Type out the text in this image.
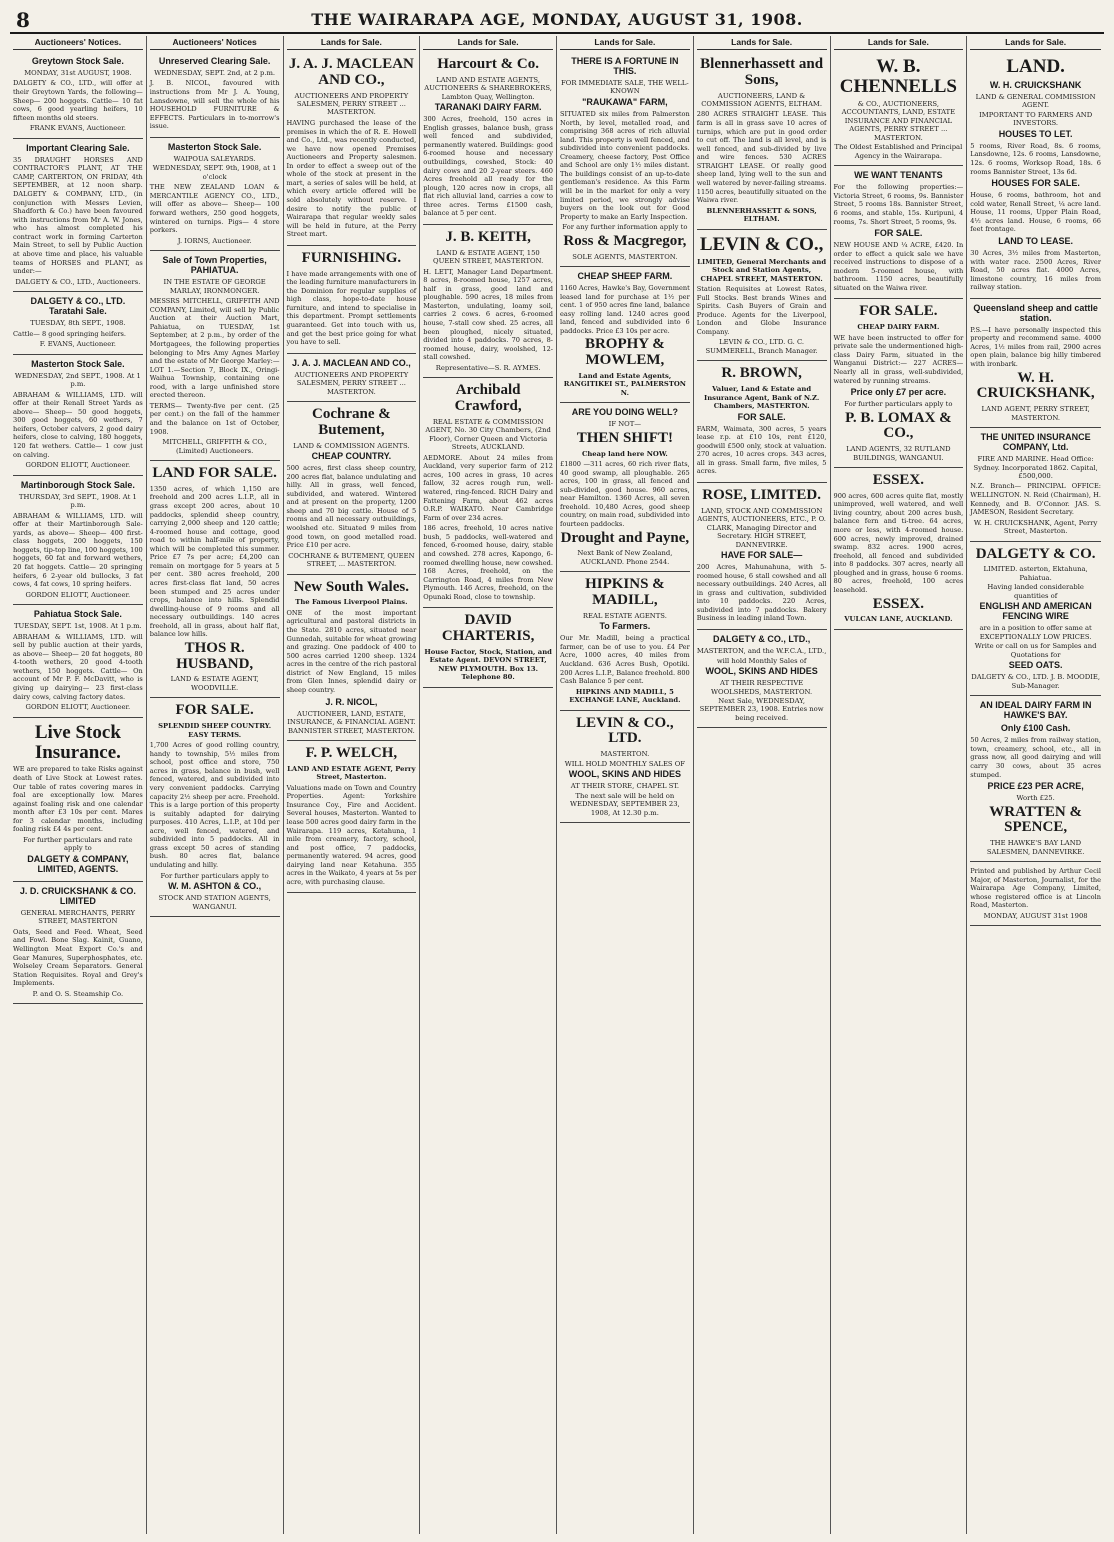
8	THE WAIRARAPA AGE, MONDAY, AUGUST 31, 1908.
Auctioneers' Notices.
Greytown Stock Sale.
MONDAY, 31st AUGUST, 1908.
DALGETY & CO., LTD., will offer at their Greytown Yards, the following— Sheep— 200 hoggets. Cattle— 10 fat cows, 6 good yearling heifers, 10 fifteen months old steers.
FRANK EVANS, Auctioneer.
Important Clearing Sale.
35 DRAUGHT HORSES AND CONTRACTOR'S PLANT, AT THE CAMP, CARTERTON, ON FRIDAY, 4th SEPTEMBER, at 12 noon sharp. DALGETY & COMPANY, LTD., (in conjunction with Messrs Levien, Shadforth & Co.) have been favoured with instructions from Mr A. W. Jones, who has almost completed his contract work in forming Carterton Main Street, to sell by Public Auction at above time and place, his valuable teams of HORSES and PLANT, as under:—
DALGETY & CO., LTD., Auctioneers.
DALGETY & CO., LTD. Taratahi Sale.
TUESDAY, 8th SEPT., 1908.
Cattle— 8 good springing heifers.
F. EVANS, Auctioneer.
Masterton Stock Sale.
WEDNESDAY, 2nd SEPT., 1908. At 1 p.m.
ABRAHAM & WILLIAMS, LTD. will offer at their Renall Street Yards as above— Sheep— 50 good hoggets, 300 good hoggets, 60 wethers, 7 heifers, October calvers, 2 good dairy heifers, close to calving, 180 hoggets, 120 fat wethers. Cattle— 1 cow just on calving.
GORDON ELIOTT, Auctioneer.
Martinborough Stock Sale.
THURSDAY, 3rd SEPT., 1908. At 1 p.m.
ABRAHAM & WILLIAMS, LTD. will offer at their Martinborough Sale-yards, as above— Sheep— 400 first-class hoggets, 200 hoggets, 150 hoggets, tip-top line, 100 hoggets, 100 hoggets, 60 fat and forward wethers, 20 fat hoggets. Cattle— 20 springing heifers, 6 2-year old bullocks, 3 fat cows, 4 fat cows, 10 spring heifers.
GORDON ELIOTT, Auctioneer.
Pahiatua Stock Sale.
TUESDAY, SEPT. 1st, 1908. At 1 p.m.
ABRAHAM & WILLIAMS, LTD. will sell by public auction at their yards, as above— Sheep— 20 fat hoggets, 80 4-tooth wethers, 20 good 4-tooth wethers, 150 hoggets. Cattle— On account of Mr P. F. McDavitt, who is giving up dairying— 23 first-class dairy cows, calving factory dates.
GORDON ELIOTT, Auctioneer.
Live Stock Insurance.
WE are prepared to take Risks against death of Live Stock at Lowest rates. Our table of rates covering mares in foal are exceptionally low. Mares against foaling risk and one calendar month after £3 10s per cent. Mares for 3 calendar months, including foaling risk £4 4s per cent.
For further particulars and rate apply to
DALGETY & COMPANY, LIMITED, AGENTS.
J. D. CRUICKSHANK & CO. LIMITED
GENERAL MERCHANTS, PERRY STREET, MASTERTON
Oats, Seed and Feed. Wheat, Seed and Fowl. Bone Slag. Kainit, Guano, Wellington Meat Export Co.'s and Gear Manures, Superphosphates, etc. Wolseley Cream Separators. General Station Requisites. Royal and Grey's Implements.
P. and O. S. Steamship Co.
Auctioneers' Notices
Unreserved Clearing Sale.
WEDNESDAY, SEPT. 2nd, at 2 p.m.
J. B. NICOL, favoured with instructions from Mr J. A. Young, Lansdowne, will sell the whole of his HOUSEHOLD FURNITURE & EFFECTS. Particulars in to-morrow's issue.
Masterton Stock Sale.
WAIPOUA SALEYARDS.
WEDNESDAY, SEPT. 9th, 1908, at 1 o'clock
THE NEW ZEALAND LOAN & MERCANTILE AGENCY CO., LTD., will offer as above— Sheep— 100 forward wethers, 250 good hoggets, wintered on turnips. Pigs— 4 store porkers.
J. IORNS, Auctioneer.
Sale of Town Properties, PAHIATUA.
IN THE ESTATE OF GEORGE MARLAY, IRONMONGER.
MESSRS MITCHELL, GRIFFITH AND COMPANY, Limited, will sell by Public Auction at their Auction Mart, Pahiatua, on TUESDAY, 1st September, at 2 p.m., by order of the Mortgagees, the following properties belonging to Mrs Amy Agnes Marley and the estate of Mr George Marley:— LOT 1.—Section 7, Block IX., Oringi-Waihua Township, containing one rood, with a large unfinished store erected thereon.
TERMS— Twenty-five per cent. (25 per cent.) on the fall of the hammer and the balance on 1st of October, 1908.
MITCHELL, GRIFFITH & CO., (Limited) Auctioneers.
LAND FOR SALE.
1350 acres, of which 1,150 are freehold and 200 acres L.I.P., all in grass except 200 acres, about 10 paddocks, splendid sheep country, carrying 2,000 sheep and 120 cattle; 4-roomed house and cottage, good road to within half-mile of property, which will be completed this summer. Price £7 7s per acre; £4,200 can remain on mortgage for 5 years at 5 per cent. 380 acres freehold, 200 acres first-class flat land, 50 acres been stumped and 25 acres under crops, balance into hills. Splendid dwelling-house of 9 rooms and all necessary outbuildings. 140 acres freehold, all in grass, about half flat, balance low hills.
THOS R. HUSBAND,
LAND & ESTATE AGENT, WOODVILLE.
FOR SALE.
SPLENDID SHEEP COUNTRY. EASY TERMS.
1,700 Acres of good rolling country, handy to township, 5½ miles from school, post office and store, 750 acres in grass, balance in bush, well fenced, watered, and subdivided into very convenient paddocks. Carrying capacity 2½ sheep per acre. Freehold. This is a large portion of this property is suitably adapted for dairying purposes. 410 Acres, L.I.P., at 10d per acre, well fenced, watered, and subdivided into 5 paddocks. All in grass except 50 acres of standing bush. 80 acres flat, balance undulating and hilly.
For further particulars apply to
W. M. ASHTON & CO.,
STOCK AND STATION AGENTS, WANGANUI.
Lands for Sale.
J. A. J. MACLEAN AND CO.,
AUCTIONEERS AND PROPERTY SALESMEN, PERRY STREET ... MASTERTON.
HAVING purchased the lease of the premises in which the of R. E. Howell and Co., Ltd., was recently conducted, we have now opened Premises Auctioneers and Property salesmen. In order to effect a sweep out of the whole of the stock at present in the mart, a series of sales will be held, at which every article offered will be sold absolutely without reserve. I desire to notify the public of Wairarapa that regular weekly sales will be held in future, at the Perry Street mart.
FURNISHING.
I have made arrangements with one of the leading furniture manufacturers in the Dominion for regular supplies of high class, hope-to-date house furniture, and intend to specialise in this department. Prompt settlements guaranteed. Get into touch with us, and get the best price going for what you have to sell.
J. A. J. MACLEAN AND CO.,
AUCTIONEERS AND PROPERTY SALESMEN, PERRY STREET ... MASTERTON.
Cochrane & Butement,
LAND & COMMISSION AGENTS.
CHEAP COUNTRY.
500 acres, first class sheep country, 200 acres flat, balance undulating and hilly. All in grass, well fenced, subdivided, and watered. Wintered and at present on the property, 1200 sheep and 70 big cattle. House of 5 rooms and all necessary outbuildings, woolshed etc. Situated 9 miles from good town, on good metalled road. Price £10 per acre.
COCHRANE & BUTEMENT, QUEEN STREET, ... MASTERTON.
New South Wales.
The Famous Liverpool Plains.
ONE of the most important agricultural and pastoral districts in the State. 2810 acres, situated near Gunnedah, suitable for wheat growing and grazing. One paddock of 400 to 500 acres carried 1200 sheep. 1324 acres in the centre of the rich pastoral district of New England, 15 miles from Glen Innes, splendid dairy or sheep country.
J. R. NICOL,
AUCTIONEER, LAND, ESTATE, INSURANCE, & FINANCIAL AGENT. BANNISTER STREET, MASTERTON.
F. P. WELCH,
LAND AND ESTATE AGENT, Perry Street, Masterton.
Valuations made on Town and Country Properties. Agent: Yorkshire Insurance Coy., Fire and Accident. Several houses, Masterton. Wanted to lease 500 acres good dairy farm in the Wairarapa. 119 acres, Ketahuna, 1 mile from creamery, factory, school, and post office, 7 paddocks, permanently watered. 94 acres, good dairying land near Ketahuna. 355 acres in the Waikato, 4 years at 5s per acre, with purchasing clause.
Lands for Sale.
Harcourt & Co.
LAND AND ESTATE AGENTS, AUCTIONEERS & SHAREBROKERS, Lambton Quay, Wellington.
TARANAKI DAIRY FARM.
300 Acres, freehold, 150 acres in English grasses, balance bush, grass well fenced and subdivided, permanently watered. Buildings: good 6-roomed house and necessary outbuildings, cowshed, Stock: 40 dairy cows and 20 2-year steers. 460 Acres freehold all ready for the plough, 120 acres now in crops, all flat rich alluvial land, carries a cow to three acres. Terms £1500 cash, balance at 5 per cent.
J. B. KEITH,
LAND & ESTATE AGENT, 150 QUEEN STREET, MASTERTON.
H. LETT, Manager Land Department. 8 acres, 8-roomed house, 1257 acres, half in grass, good land and ploughable. 590 acres, 18 miles from Masterton, undulating, loamy soil, carries 2 cows. 6 acres, 6-roomed house, 7-stall cow shed. 25 acres, all been ploughed, nicely situated, divided into 4 paddocks. 70 acres, 8-roomed house, dairy, woolshed, 12-stall cowshed.
Representative—S. R. AYMES.
Archibald Crawford,
REAL ESTATE & COMMISSION AGENT, No. 30 City Chambers, (2nd Floor), Corner Queen and Victoria Streets, AUCKLAND.
AEDMORE. About 24 miles from Auckland, very superior farm of 212 acres, 100 acres in grass, 10 acres fallow, 32 acres rough run, well-watered, ring-fenced. RICH Dairy and Fattening Farm, about 462 acres O.R.P. WAIKATO. Near Cambridge Farm of over 234 acres.
186 acres, freehold, 10 acres native bush, 5 paddocks, well-watered and fenced, 6-roomed house, dairy, stable and cowshed. 278 acres, Kapongo, 6-roomed dwelling house, new cowshed. 168 Acres, freehold, on the Carrington Road, 4 miles from New Plymouth. 146 Acres, freehold, on the Opunaki Road, close to township.
DAVID CHARTERIS,
House Factor, Stock, Station, and Estate Agent. DEVON STREET, NEW PLYMOUTH. Box 13. Telephone 80.
Lands for Sale.
THERE IS A FORTUNE IN THIS.
FOR IMMEDIATE SALE, THE WELL-KNOWN
"RAUKAWA" FARM,
SITUATED six miles from Palmerston North, by level, metalled road, and comprising 368 acres of rich alluvial land. This property is well fenced, and subdivided into convenient paddocks. Creamery, cheese factory, Post Office and School are only 1½ miles distant. The buildings consist of an up-to-date gentleman's residence. As this Farm will be in the market for only a very limited period, we strongly advise buyers on the look out for Good Property to make an Early Inspection.
For any further information apply to
Ross & Macgregor,
SOLE AGENTS, MASTERTON.
CHEAP SHEEP FARM.
1160 Acres, Hawke's Bay, Government leased land for purchase at 1½ per cent. 1 of 950 acres fine land, balance easy rolling land. 1240 acres good land, fenced and subdivided into 6 paddocks. Price £3 10s per acre.
BROPHY & MOWLEM,
Land and Estate Agents, RANGITIKEI ST., PALMERSTON N.
ARE YOU DOING WELL?
IF NOT—
THEN SHIFT!
Cheap land here NOW.
£1800 —311 acres, 60 rich river flats, 40 good swamp, all ploughable. 265 acres, 100 in grass, all fenced and sub-divided, good house. 960 acres, near Hamilton. 1360 Acres, all seven freehold. 10,480 Acres, good sheep country, on main road, subdivided into fourteen paddocks.
Drought and Payne,
Next Bank of New Zealand, AUCKLAND. Phone 2544.
HIPKINS & MADILL,
REAL ESTATE AGENTS.
To Farmers.
Our Mr. Madill, being a practical farmer, can be of use to you. £4 Per Acre, 1000 acres, 40 miles from Auckland. 636 Acres Bush, Opotiki. 200 Acres L.I.P., Balance freehold. 800 Cash Balance 5 per cent.
HIPKINS AND MADILL, 5 EXCHANGE LANE, Auckland.
LEVIN & CO., LTD.
MASTERTON.
WILL HOLD MONTHLY SALES OF
WOOL, SKINS AND HIDES
AT THEIR STORE, CHAPEL ST.
The next sale will be held on WEDNESDAY, SEPTEMBER 23, 1908, At 12.30 p.m.
Lands for Sale.
Blennerhassett and Sons,
AUCTIONEERS, LAND & COMMISSION AGENTS, ELTHAM.
280 ACRES STRAIGHT LEASE. This farm is all in grass save 10 acres of turnips, which are put in good order to cut off. The land is all level, and is well fenced, and sub-divided by live and wire fences. 530 ACRES STRAIGHT LEASE. Of really good sheep land, lying well to the sun and well watered by never-failing streams. 1150 acres, beautifully situated on the Waiwa river.
BLENNERHASSETT & SONS, ELTHAM.
LEVIN & CO.,
LIMITED, General Merchants and Stock and Station Agents, CHAPEL STREET, MASTERTON.
Station Requisites at Lowest Rates, Full Stocks. Best brands Wines and Spirits. Cash Buyers of Grain and Produce. Agents for the Liverpool, London and Globe Insurance Company.
LEVIN & CO., LTD. G. C. SUMMERELL, Branch Manager.
R. BROWN,
Valuer, Land & Estate and Insurance Agent, Bank of N.Z. Chambers, MASTERTON.
FOR SALE.
FARM, Waimata, 300 acres, 5 years lease r.p. at £10 10s, rent £120, goodwill £500 only, stock at valuation. 270 acres, 10 acres crops. 343 acres, all in grass. Small farm, five miles, 5 acres.
ROSE, LIMITED.
LAND, STOCK AND COMMISSION AGENTS, AUCTIONEERS, ETC., P. O. CLARK, Managing Director and Secretary. HIGH STREET, DANNEVIRKE.
HAVE FOR SALE—
200 Acres, Mahunahuna, with 5-roomed house, 6 stall cowshed and all necessary outbuildings. 240 Acres, all in grass and cultivation, subdivided into 10 paddocks. 220 Acres, subdivided into 7 paddocks. Bakery Business in leading inland Town.
DALGETY & CO., LTD.,
MASTERTON, and the W.F.C.A., LTD.,
will hold Monthly Sales of
WOOL, SKINS AND HIDES
AT THEIR RESPECTIVE WOOLSHEDS, MASTERTON.
Next Sale, WEDNESDAY, SEPTEMBER 23, 1908. Entries now being received.
Lands for Sale.
W. B. CHENNELLS
& CO., AUCTIONEERS, ACCOUNTANTS, LAND, ESTATE INSURANCE AND FINANCIAL AGENTS, PERRY STREET ... MASTERTON.
The Oldest Established and Principal Agency in the Wairarapa.
WE WANT TENANTS
For the following properties:— Victoria Street, 6 rooms, 9s. Bannister Street, 5 rooms 18s. Bannister Street, 6 rooms, and stable, 15s. Kuripuni, 4 rooms, 7s. Short Street, 5 rooms, 9s.
FOR SALE.
NEW HOUSE AND ¼ ACRE, £420. In order to effect a quick sale we have received instructions to dispose of a modern 5-roomed house, with bathroom. 1150 acres, beautifully situated on the Waiwa river.
FOR SALE.
CHEAP DAIRY FARM.
WE have been instructed to offer for private sale the undermentioned high-class Dairy Farm, situated in the Wanganui District:— 227 ACRES—Nearly all in grass, well-subdivided, watered by running streams.
Price only £7 per acre.
For further particulars apply to
P. B. LOMAX & CO.,
LAND AGENTS, 32 RUTLAND BUILDINGS, WANGANUI.
ESSEX.
900 acres, 600 acres quite flat, mostly unimproved, well watered, and well living country, about 200 acres bush, balance fern and ti-tree. 64 acres, more or less, with 4-roomed house. 600 acres, newly improved, drained swamp. 832 acres. 1900 acres, freehold, all fenced and subdivided into 8 paddocks. 307 acres, nearly all ploughed and in grass, house 6 rooms. 80 acres, freehold, 100 acres leasehold.
ESSEX.
VULCAN LANE, AUCKLAND.
Lands for Sale.
LAND.
W. H. CRUICKSHANK
LAND & GENERAL COMMISSION AGENT.
IMPORTANT TO FARMERS AND INVESTORS.
HOUSES TO LET.
5 rooms, River Road, 8s. 6 rooms, Lansdowne, 12s. 6 rooms, Lansdowne, 12s. 6 rooms, Worksop Road, 18s. 6 rooms Bannister Street, 13s 6d.
HOUSES FOR SALE.
House, 6 rooms, bathroom, hot and cold water, Renall Street, ¼ acre land. House, 11 rooms, Upper Plain Road, 4½ acres land. House, 6 rooms, 66 feet frontage.
LAND TO LEASE.
30 Acres, 3½ miles from Masterton, with water race. 2500 Acres, River Road, 50 acres flat. 4000 Acres, limestone country, 16 miles from railway station.
Queensland sheep and cattle station.
P.S.—I have personally inspected this property and recommend same. 4000 Acres, 1½ miles from rail, 2900 acres open plain, balance big hilly timbered with ironbark.
W. H. CRUICKSHANK,
LAND AGENT, PERRY STREET, MASTERTON.
THE UNITED INSURANCE COMPANY, Ltd.
FIRE AND MARINE. Head Office: Sydney. Incorporated 1862. Capital, £500,000.
N.Z. Branch— PRINCIPAL OFFICE: WELLINGTON. N. Reid (Chairman), H. Kennedy, and B. O'Connor. JAS. S. JAMESON, Resident Secretary.
W. H. CRUICKSHANK, Agent, Perry Street, Masterton.
DALGETY & CO.
LIMITED. asterton, Ektahuna, Pahiatua.
Having landed considerable quantities of
ENGLISH AND AMERICAN FENCING WIRE
are in a position to offer same at EXCEPTIONALLY LOW PRICES.
Write or call on us for Samples and Quotations for
SEED OATS.
DALGETY & CO., LTD. J. B. MOODIE, Sub-Manager.
AN IDEAL DAIRY FARM IN HAWKE'S BAY.
Only £100 Cash.
50 Acres, 2 miles from railway station, town, creamery, school, etc., all in grass now, all good dairying and will carry 30 cows, about 35 acres stumped.
PRICE £23 PER ACRE,
Worth £25.
WRATTEN & SPENCE,
THE HAWKE'S BAY LAND SALESMEN, DANNEVIRKE.
Printed and published by Arthur Cecil Major, of Masterton, Journalist, for the Wairarapa Age Company, Limited, whose registered office is at Lincoln Road, Masterton.
MONDAY, AUGUST 31st 1908
